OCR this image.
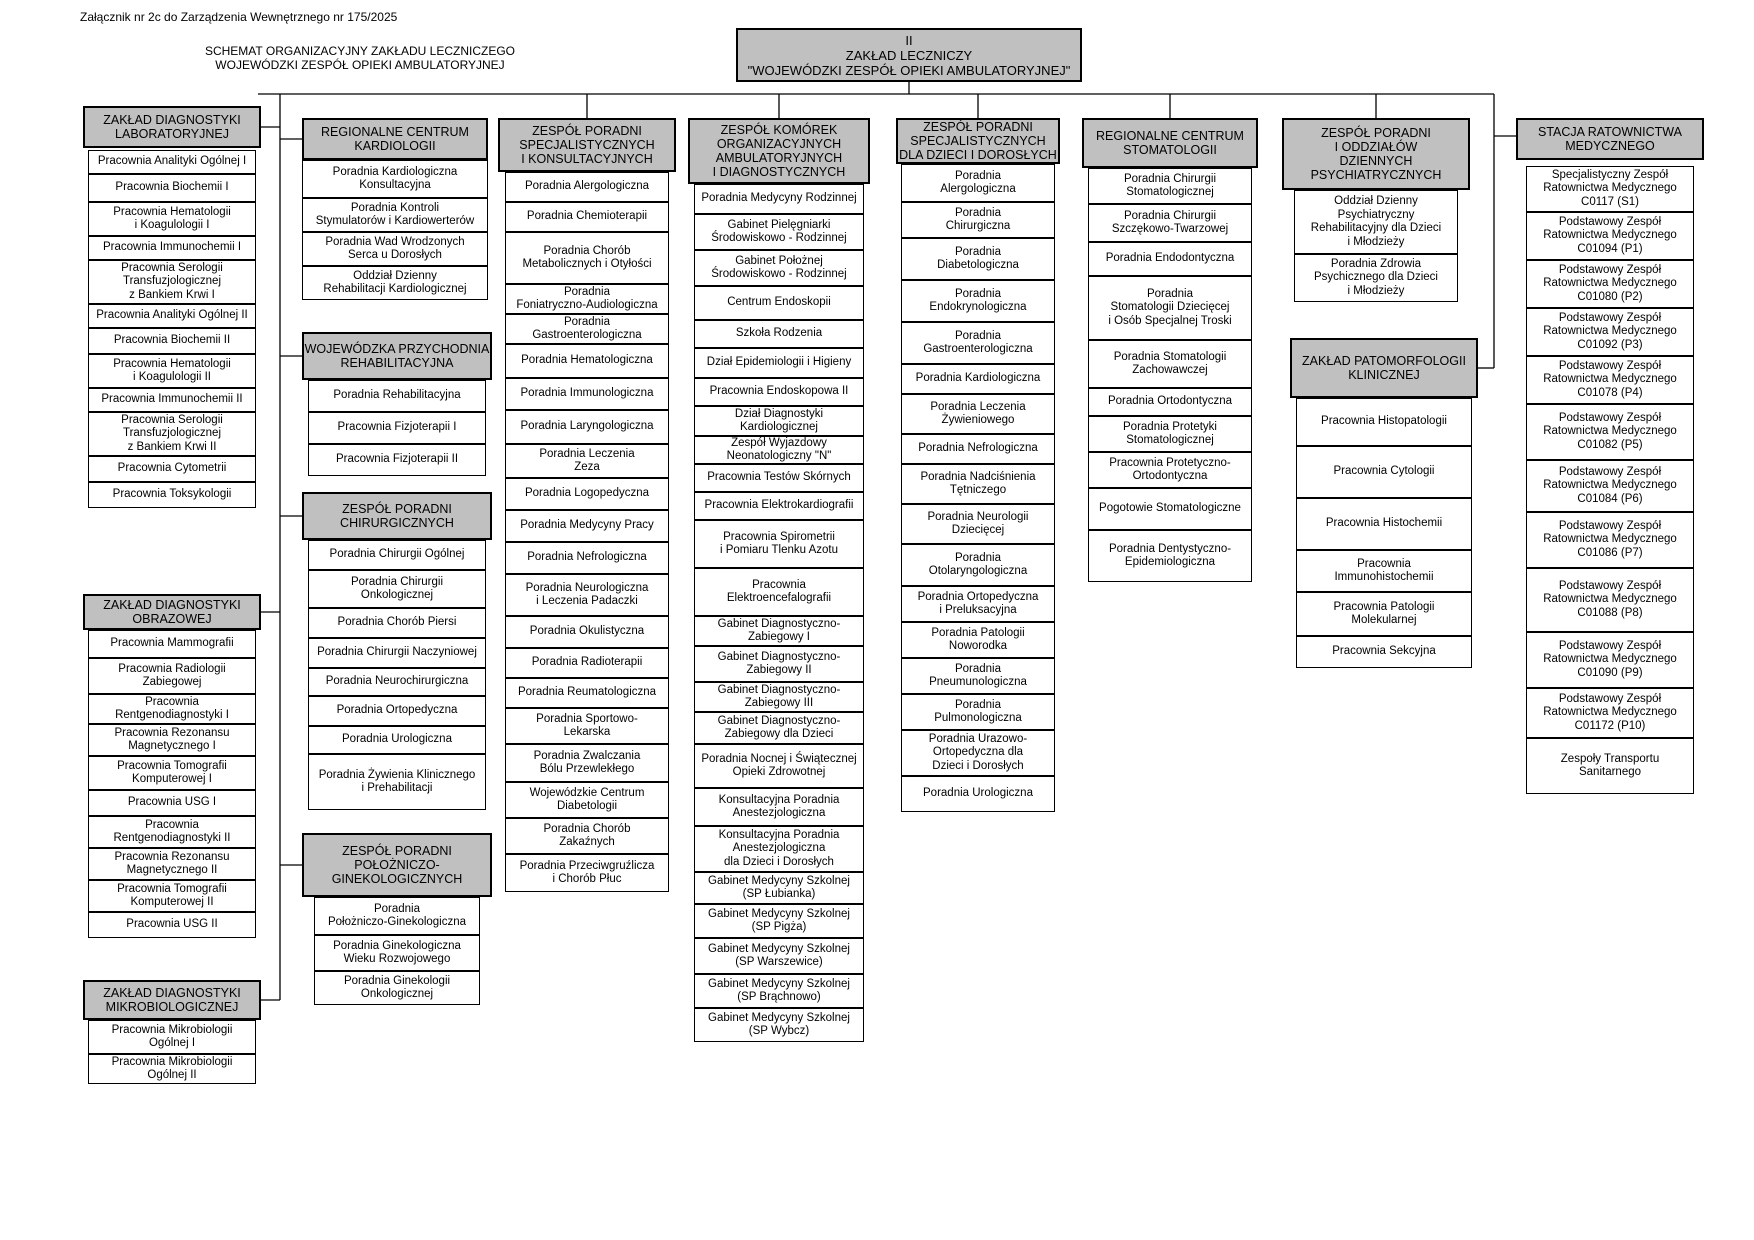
Załącznik nr 2c do Zarządzenia Wewnętrznego nr 175/2025
SCHEMAT ORGANIZACYJNY ZAKŁADU LECZNICZEGO
WOJEWÓDZKI ZESPÓŁ OPIEKI AMBULATORYJNEJ
II
ZAKŁAD LECZNICZY
"WOJEWÓDZKI ZESPÓŁ OPIEKI AMBULATORYJNEJ"
ZAKŁAD DIAGNOSTYKI
LABORATORYJNEJ
Pracownia Analityki Ogólnej I
Pracownia Biochemii I
Pracownia Hematologii
i Koagulologii I
Pracownia Immunochemii I
Pracownia Serologii
Transfuzjologicznej
z Bankiem Krwi I
Pracownia Analityki Ogólnej II
Pracownia Biochemii II
Pracownia Hematologii
i Koagulologii II
Pracownia Immunochemii II
Pracownia Serologii
Transfuzjologicznej
z Bankiem Krwi II
Pracownia Cytometrii
Pracownia Toksykologii
ZAKŁAD DIAGNOSTYKI
OBRAZOWEJ
Pracownia Mammografii
Pracownia Radiologii
Zabiegowej
Pracownia
Rentgenodiagnostyki I
Pracownia Rezonansu
Magnetycznego I
Pracownia Tomografii
Komputerowej I
Pracownia USG I
Pracownia
Rentgenodiagnostyki II
Pracownia Rezonansu
Magnetycznego II
Pracownia Tomografii
Komputerowej II
Pracownia USG II
ZAKŁAD DIAGNOSTYKI
MIKROBIOLOGICZNEJ
Pracownia Mikrobiologii
Ogólnej I
Pracownia Mikrobiologii
Ogólnej II
REGIONALNE CENTRUM
KARDIOLOGII
Poradnia Kardiologiczna
Konsultacyjna
Poradnia Kontroli
Stymulatorów i Kardiowerterów
Poradnia Wad Wrodzonych
Serca u Dorosłych
Oddział Dzienny
Rehabilitacji Kardiologicznej
WOJEWÓDZKA PRZYCHODNIA
REHABILITACYJNA
Poradnia Rehabilitacyjna
Pracownia Fizjoterapii I
Pracownia Fizjoterapii II
ZESPÓŁ PORADNI
CHIRURGICZNYCH
Poradnia Chirurgii Ogólnej
Poradnia Chirurgii
Onkologicznej
Poradnia Chorób Piersi
Poradnia Chirurgii Naczyniowej
Poradnia Neurochirurgiczna
Poradnia Ortopedyczna
Poradnia Urologiczna
Poradnia Żywienia Klinicznego
i Prehabilitacji
ZESPÓŁ PORADNI
POŁOŻNICZO-
GINEKOLOGICZNYCH
Poradnia
Położniczo-Ginekologiczna
Poradnia Ginekologiczna
Wieku Rozwojowego
Poradnia Ginekologii
Onkologicznej
ZESPÓŁ PORADNI
SPECJALISTYCZNYCH
I KONSULTACYJNYCH
Poradnia Alergologiczna
Poradnia Chemioterapii
Poradnia Chorób
Metabolicznych i Otyłości
Poradnia
Foniatryczno-Audiologiczna
Poradnia
Gastroenterologiczna
Poradnia Hematologiczna
Poradnia Immunologiczna
Poradnia Laryngologiczna
Poradnia Leczenia
Zeza
Poradnia Logopedyczna
Poradnia Medycyny Pracy
Poradnia Nefrologiczna
Poradnia Neurologiczna
i Leczenia Padaczki
Poradnia Okulistyczna
Poradnia Radioterapii
Poradnia Reumatologiczna
Poradnia Sportowo-
Lekarska
Poradnia Zwalczania
Bólu Przewlekłego
Wojewódzkie Centrum
Diabetologii
Poradnia Chorób
Zakaźnych
Poradnia Przeciwgruźlicza
i Chorób Płuc
ZESPÓŁ KOMÓREK
ORGANIZACYJNYCH
AMBULATORYJNYCH
I DIAGNOSTYCZNYCH
Poradnia Medycyny Rodzinnej
Gabinet Pielęgniarki
Środowiskowo - Rodzinnej
Gabinet Położnej
Środowiskowo - Rodzinnej
Centrum Endoskopii
Szkoła Rodzenia
Dział Epidemiologii i Higieny
Pracownia Endoskopowa II
Dział Diagnostyki
Kardiologicznej
Zespół Wyjazdowy
Neonatologiczny "N"
Pracownia Testów Skórnych
Pracownia Elektrokardiografii
Pracownia Spirometrii
i Pomiaru Tlenku Azotu
Pracownia
Elektroencefalografii
Gabinet Diagnostyczno-
Zabiegowy I
Gabinet Diagnostyczno-
Zabiegowy II
Gabinet Diagnostyczno-
Zabiegowy III
Gabinet Diagnostyczno-
Zabiegowy dla Dzieci
Poradnia Nocnej i Świątecznej
Opieki Zdrowotnej
Konsultacyjna Poradnia
Anestezjologiczna
Konsultacyjna Poradnia
Anestezjologiczna
dla Dzieci i Dorosłych
Gabinet Medycyny Szkolnej
(SP Łubianka)
Gabinet Medycyny Szkolnej
(SP Pigża)
Gabinet Medycyny Szkolnej
(SP Warszewice)
Gabinet Medycyny Szkolnej
(SP Brąchnowo)
Gabinet Medycyny Szkolnej
(SP Wybcz)
ZESPÓŁ PORADNI
SPECJALISTYCZNYCH
DLA DZIECI I DOROSŁYCH
Poradnia
Alergologiczna
Poradnia
Chirurgiczna
Poradnia
Diabetologiczna
Poradnia
Endokrynologiczna
Poradnia
Gastroenterologiczna
Poradnia Kardiologiczna
Poradnia Leczenia
Żywieniowego
Poradnia Nefrologiczna
Poradnia Nadciśnienia
Tętniczego
Poradnia Neurologii
Dziecięcej
Poradnia
Otolaryngologiczna
Poradnia Ortopedyczna
i Preluksacyjna
Poradnia Patologii
Noworodka
Poradnia
Pneumunologiczna
Poradnia
Pulmonologiczna
Poradnia Urazowo-
Ortopedyczna dla
Dzieci i Dorosłych
Poradnia Urologiczna
REGIONALNE CENTRUM
STOMATOLOGII
Poradnia Chirurgii
Stomatologicznej
Poradnia Chirurgii
Szczękowo-Twarzowej
Poradnia Endodontyczna
Poradnia
Stomatologii Dziecięcej
i Osób Specjalnej Troski
Poradnia Stomatologii
Zachowawczej
Poradnia Ortodontyczna
Poradnia Protetyki
Stomatologicznej
Pracownia Protetyczno-
Ortodontyczna
Pogotowie Stomatologiczne
Poradnia Dentystyczno-
Epidemiologiczna
ZESPÓŁ PORADNI
I ODDZIAŁÓW
DZIENNYCH
PSYCHIATRYCZNYCH
Oddział Dzienny
Psychiatryczny
Rehabilitacyjny dla Dzieci
i Młodzieży
Poradnia Zdrowia
Psychicznego dla Dzieci
i Młodzieży
ZAKŁAD PATOMORFOLOGII
KLINICZNEJ
Pracownia Histopatologii
Pracownia Cytologii
Pracownia Histochemii
Pracownia
Immunohistochemii
Pracownia Patologii
Molekularnej
Pracownia Sekcyjna
STACJA RATOWNICTWA
MEDYCZNEGO
Specjalistyczny Zespół
Ratownictwa Medycznego
C0117 (S1)
Podstawowy Zespół
Ratownictwa Medycznego
C01094 (P1)
Podstawowy Zespół
Ratownictwa Medycznego
C01080 (P2)
Podstawowy Zespół
Ratownictwa Medycznego
C01092 (P3)
Podstawowy Zespół
Ratownictwa Medycznego
C01078 (P4)
Podstawowy Zespół
Ratownictwa Medycznego
C01082 (P5)
Podstawowy Zespół
Ratownictwa Medycznego
C01084 (P6)
Podstawowy Zespół
Ratownictwa Medycznego
C01086 (P7)
Podstawowy Zespół
Ratownictwa Medycznego
C01088 (P8)
Podstawowy Zespół
Ratownictwa Medycznego
C01090 (P9)
Podstawowy Zespół
Ratownictwa Medycznego
C01172 (P10)
Zespoły Transportu
Sanitarnego
